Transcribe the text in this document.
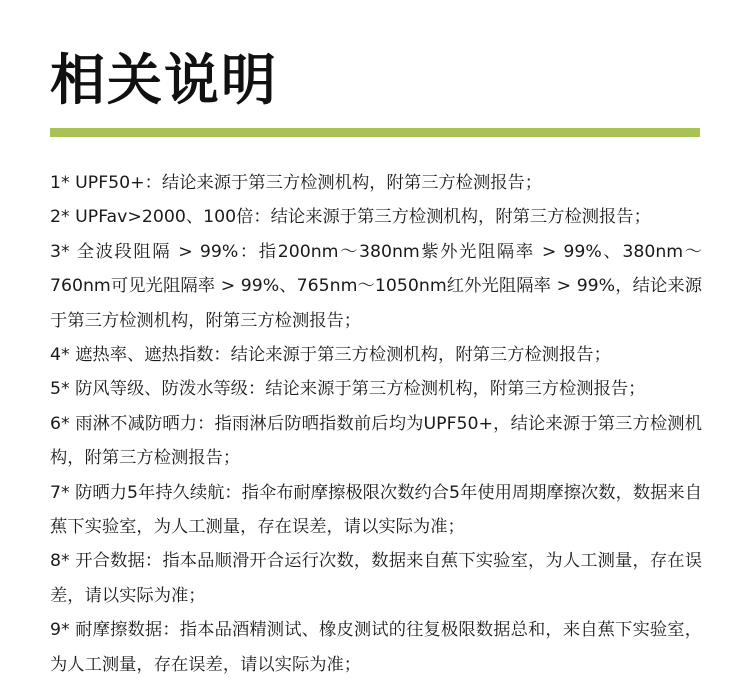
相关说明

1* UPF50+：结论来源于第三方检测机构，附第三方检测报告；

2* UPFav>2000、100倍：结论来源于第三方检测机构，附第三方检测报告；

3* 全波段阻隔 > 99%：指200nm～380nm紫外光阻隔率 > 99%、380nm～760nm可见光阻隔率 > 99%、765nm～1050nm红外光阻隔率 > 99%，结论来源于第三方检测机构，附第三方检测报告；

4* 遮热率、遮热指数：结论来源于第三方检测机构，附第三方检测报告；

5* 防风等级、防泼水等级：结论来源于第三方检测机构，附第三方检测报告；

6* 雨淋不减防晒力：指雨淋后防晒指数前后均为UPF50+，结论来源于第三方检测机构，附第三方检测报告；

7* 防晒力5年持久续航：指伞布耐摩擦极限次数约合5年使用周期摩擦次数，数据来自蕉下实验室，为人工测量，存在误差，请以实际为准；

8* 开合数据：指本品顺滑开合运行次数，数据来自蕉下实验室，为人工测量，存在误差，请以实际为准；

9* 耐摩擦数据：指本品酒精测试、橡皮测试的往复极限数据总和，来自蕉下实验室，为人工测量，存在误差，请以实际为准；
